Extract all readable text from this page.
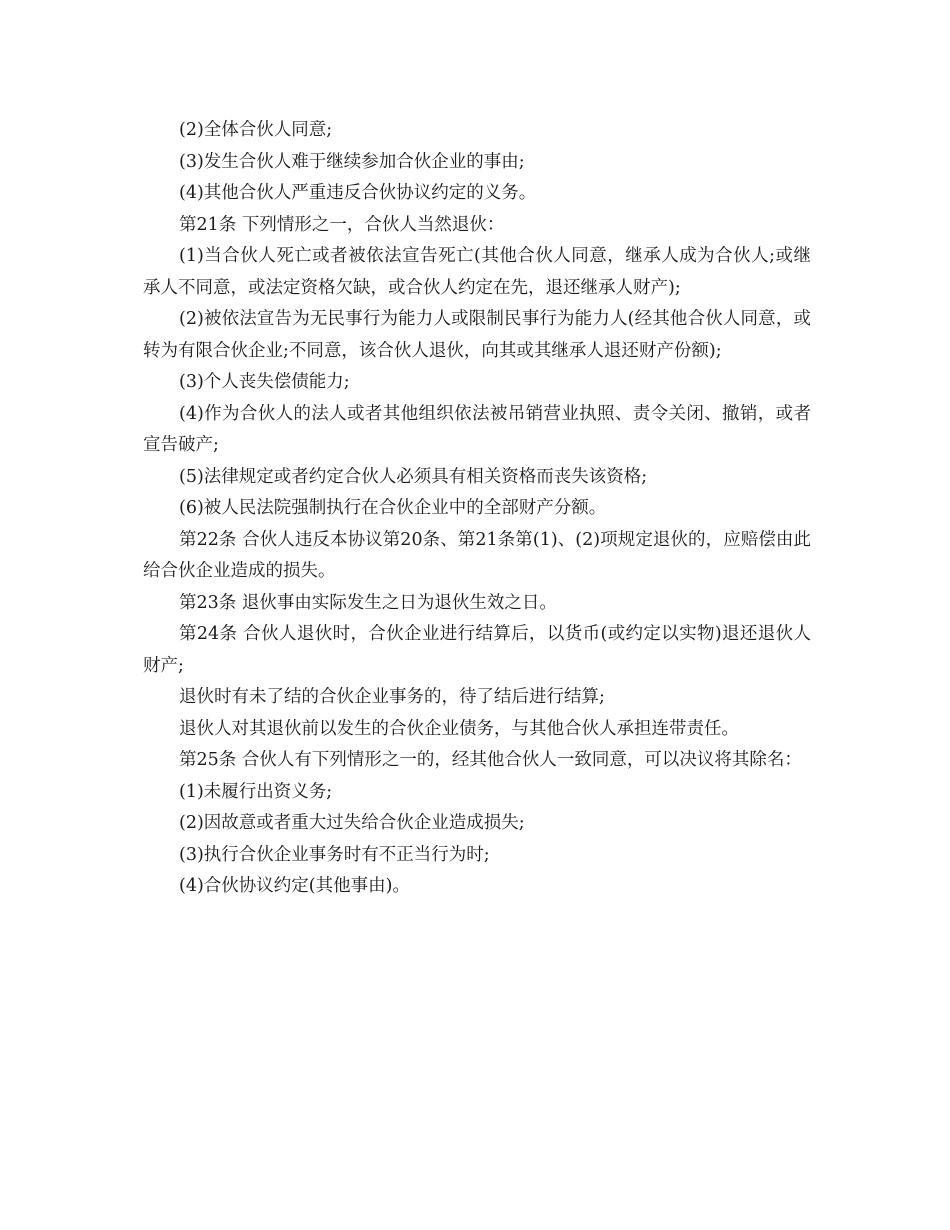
(2)全体合伙人同意;

(3)发生合伙人难于继续参加合伙企业的事由;

(4)其他合伙人严重违反合伙协议约定的义务。

第21条 下列情形之一，合伙人当然退伙：

(1)当合伙人死亡或者被依法宣告死亡(其他合伙人同意，继承人成为合伙人;或继承人不同意，或法定资格欠缺，或合伙人约定在先，退还继承人财产);

(2)被依法宣告为无民事行为能力人或限制民事行为能力人(经其他合伙人同意，或转为有限合伙企业;不同意，该合伙人退伙，向其或其继承人退还财产份额);

(3)个人丧失偿债能力;

(4)作为合伙人的法人或者其他组织依法被吊销营业执照、责令关闭、撤销，或者宣告破产;

(5)法律规定或者约定合伙人必须具有相关资格而丧失该资格;

(6)被人民法院强制执行在合伙企业中的全部财产分额。

第22条 合伙人违反本协议第20条、第21条第(1)、(2)项规定退伙的，应赔偿由此给合伙企业造成的损失。

第23条 退伙事由实际发生之日为退伙生效之日。

第24条 合伙人退伙时，合伙企业进行结算后，以货币(或约定以实物)退还退伙人财产;

退伙时有未了结的合伙企业事务的，待了结后进行结算;

退伙人对其退伙前以发生的合伙企业债务，与其他合伙人承担连带责任。

第25条 合伙人有下列情形之一的，经其他合伙人一致同意，可以决议将其除名：

(1)未履行出资义务;

(2)因故意或者重大过失给合伙企业造成损失;

(3)执行合伙企业事务时有不正当行为时;

(4)合伙协议约定(其他事由)。
